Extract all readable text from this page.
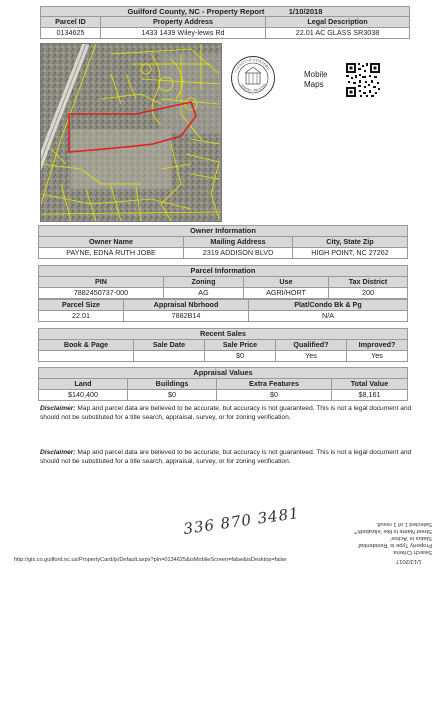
Guilford County, NC - Property Report	1/10/2018
Parcel ID	Property Address	Legal Description
0134625	1433 1439 Wiley-lewis Rd	22.01 AC GLASS SR3038
COUNTY OF GUILFORD
NORTH CAROLINA
Mobile
Maps
Owner Information
Owner Name	Mailing Address	City, State Zip
PAYNE, EDNA RUTH JOBE	2319 ADDISON BLVD	HIGH POINT, NC 27262
Parcel Information
PIN	Zoning	Use	Tax District
7882450737-000	AG	AGRI/HORT	200
Parcel Size	Appraisal Nbrhood	Plat/Condo Bk & Pg
22.01	7882B14	N/A
Recent Sales
Book & Page	Sale Date	Sale Price	Qualified?	Improved?
		$0	Yes	Yes
Appraisal Values
Land	Buildings	Extra Features	Total Value
$140,400	$0	$0	$8,161
Disclaimer: Map and parcel data are believed to be accurate, but accuracy is not guaranteed. This is not a legal document and should not be substituted for a title search, appraisal, survey, or for zoning verification.
Disclaimer: Map and parcel data are believed to be accurate, but accuracy is not guaranteed. This is not a legal document and should not be substituted for a title search, appraisal, survey, or for zoning verification.
336 870 3481
Search Criteria
Property Type is 'Residential'
Status is 'Active'
Street Name is like 'elizabeth'*
Selected 1 of 1 result.
1/13/2017
http://gis.co.guilford.nc.us/PropertyCard/js/Default.aspx?pin=0134625&isMobileScreen=false&isDesktop=false
